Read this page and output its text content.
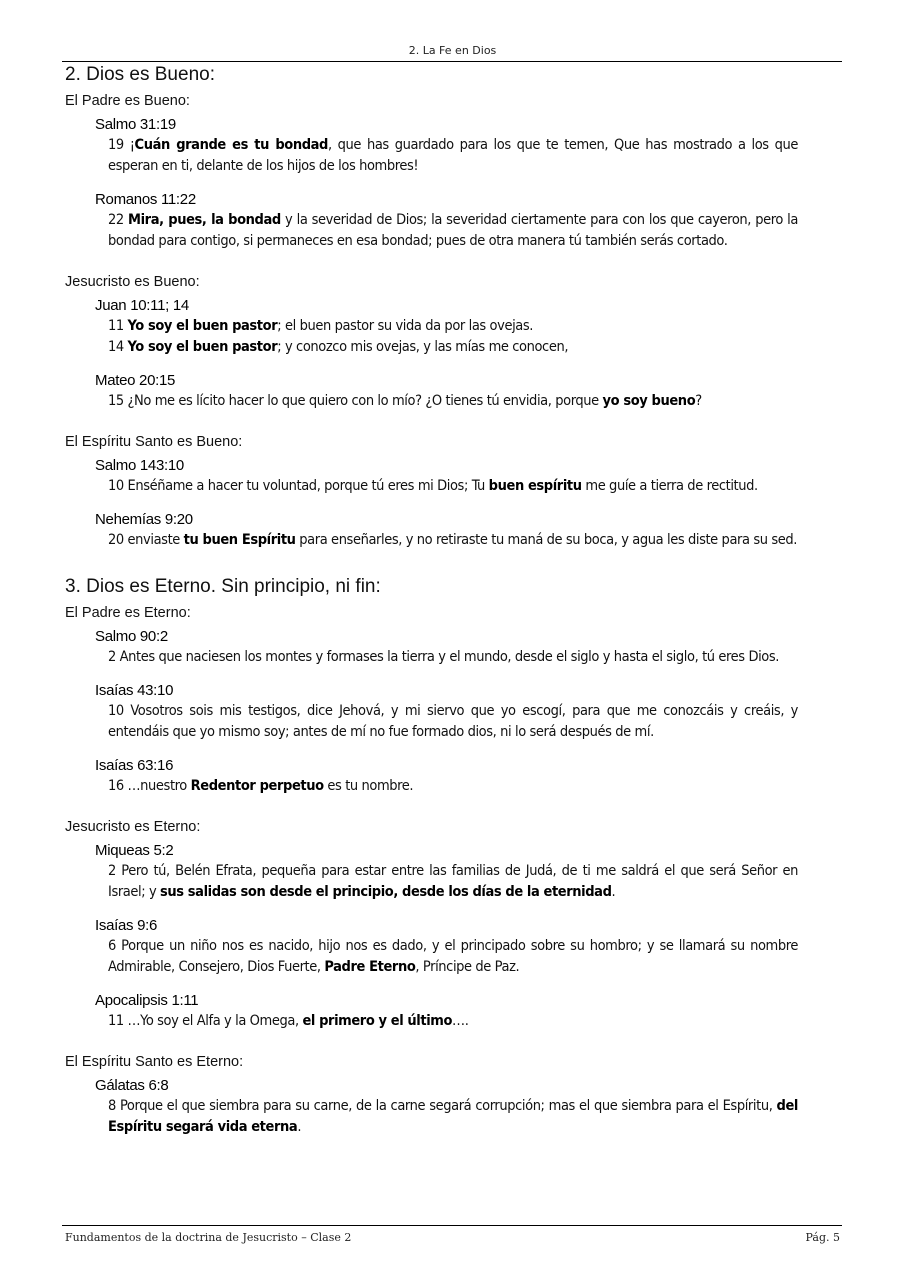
2. La Fe en Dios
2. Dios es Bueno:
El Padre es Bueno:

Salmo 31:19

19 ¡Cuán grande es tu bondad, que has guardado para los que te temen, Que has mostrado a los que esperan en ti, delante de los hijos de los hombres!

Romanos 11:22

22 Mira, pues, la bondad y la severidad de Dios; la severidad ciertamente para con los que cayeron, pero la bondad para contigo, si permaneces en esa bondad; pues de otra manera tú también serás cortado.

Jesucristo es Bueno:

Juan 10:11; 14

11 Yo soy el buen pastor; el buen pastor su vida da por las ovejas.

14 Yo soy el buen pastor; y conozco mis ovejas, y las mías me conocen,

Mateo 20:15

15 ¿No me es lícito hacer lo que quiero con lo mío? ¿O tienes tú envidia, porque yo soy bueno?

El Espíritu Santo es Bueno:

Salmo 143:10

10 Enséñame a hacer tu voluntad, porque tú eres mi Dios; Tu buen espíritu me guíe a tierra de rectitud.

Nehemías 9:20

20 enviaste tu buen Espíritu para enseñarles, y no retiraste tu maná de su boca, y agua les diste para su sed.

3. Dios es Eterno. Sin principio, ni fin:
El Padre es Eterno:

Salmo 90:2

2 Antes que naciesen los montes y formases la tierra y el mundo, desde el siglo y hasta el siglo, tú eres Dios.

Isaías 43:10

10 Vosotros sois mis testigos, dice Jehová, y mi siervo que yo escogí, para que me conozcáis y creáis, y entendáis que yo mismo soy; antes de mí no fue formado dios, ni lo será después de mí.

Isaías 63:16

16 …nuestro Redentor perpetuo es tu nombre.

Jesucristo es Eterno:

Miqueas 5:2

2 Pero tú, Belén Efrata, pequeña para estar entre las familias de Judá, de ti me saldrá el que será Señor en Israel; y sus salidas son desde el principio, desde los días de la eternidad.

Isaías 9:6

6 Porque un niño nos es nacido, hijo nos es dado, y el principado sobre su hombro; y se llamará su nombre Admirable, Consejero, Dios Fuerte, Padre Eterno, Príncipe de Paz.

Apocalipsis 1:11

11 …Yo soy el Alfa y la Omega, el primero y el último….

El Espíritu Santo es Eterno:

Gálatas 6:8

8 Porque el que siembra para su carne, de la carne segará corrupción; mas el que siembra para el Espíritu, del Espíritu segará vida eterna.

Fundamentos de la doctrina de Jesucristo – Clase 2	Pág. 5
